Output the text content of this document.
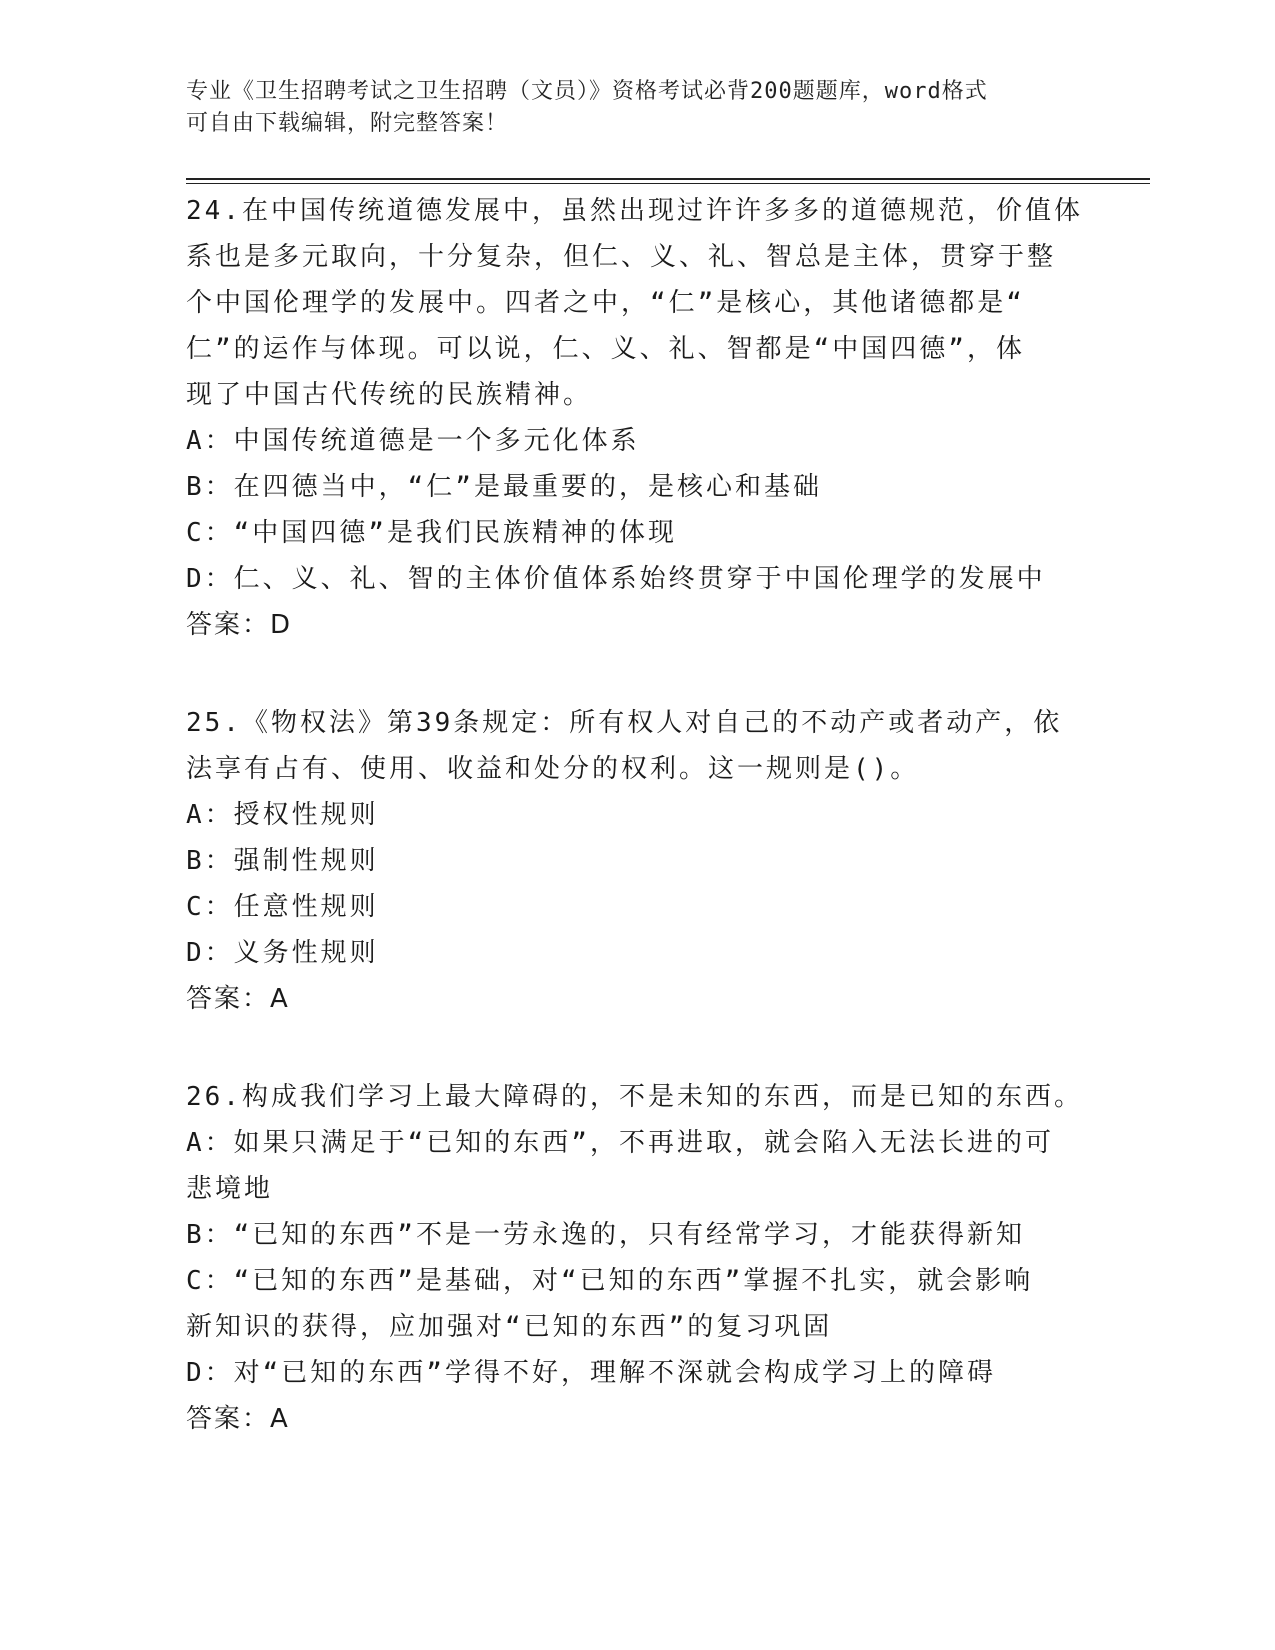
专业《卫生招聘考试之卫生招聘（文员）》资格考试必背200题题库，word格式
可自由下载编辑，附完整答案！
24.在中国传统道德发展中，虽然出现过许许多多的道德规范，价值体
系也是多元取向，十分复杂，但仁、义、礼、智总是主体，贯穿于整
个中国伦理学的发展中。四者之中，“仁”是核心，其他诸德都是“
仁”的运作与体现。可以说，仁、义、礼、智都是“中国四德”，体
现了中国古代传统的民族精神。
A：中国传统道德是一个多元化体系
B：在四德当中，“仁”是最重要的，是核心和基础
C：“中国四德”是我们民族精神的体现
D：仁、义、礼、智的主体价值体系始终贯穿于中国伦理学的发展中
答案：D
25.《物权法》第39条规定：所有权人对自己的不动产或者动产，依
法享有占有、使用、收益和处分的权利。这一规则是()。
A：授权性规则
B：强制性规则
C：任意性规则
D：义务性规则
答案：A
26.构成我们学习上最大障碍的，不是未知的东西，而是已知的东西。
A：如果只满足于“已知的东西”，不再进取，就会陷入无法长进的可
悲境地
B：“已知的东西”不是一劳永逸的，只有经常学习，才能获得新知
C：“已知的东西”是基础，对“已知的东西”掌握不扎实，就会影响
新知识的获得，应加强对“已知的东西”的复习巩固
D：对“已知的东西”学得不好，理解不深就会构成学习上的障碍
答案：A
